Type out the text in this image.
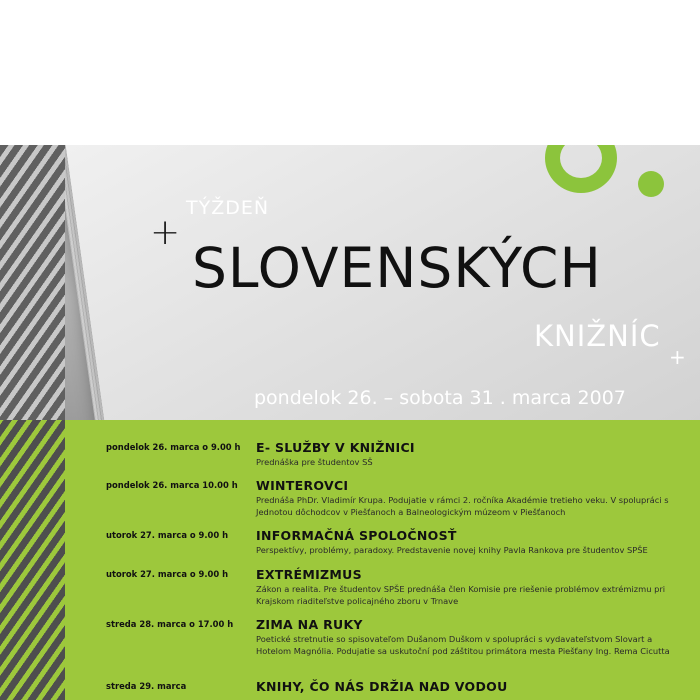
+
+
TÝŽDEŇ
SLOVENSKÝCH
KNIŽNÍC
pondelok 26. – sobota 31 . marca 2007
pondelok 26. marca o 9.00 h	E- SLUŽBY V KNIŽNICI
Prednáška pre študentov SŠ
pondelok 26. marca 10.00 h	WINTEROVCI
Prednáša PhDr. Vladimír Krupa. Podujatie v rámci 2. ročníka Akadémie tretieho veku. V spolupráci s Jednotou dôchodcov v Piešťanoch a Balneologickým múzeom v Piešťanoch
utorok 27. marca o 9.00 h	INFORMAČNÁ SPOLOČNOSŤ
Perspektívy, problémy, paradoxy. Predstavenie novej knihy Pavla Rankova pre študentov SPŠE
utorok 27. marca o 9.00 h	EXTRÉMIZMUS
Zákon a realita. Pre študentov SPŠE prednáša člen Komisie pre riešenie problémov extrémizmu pri Krajskom riaditeľstve policajného zboru v Trnave
streda 28. marca o 17.00 h	ZIMA NA RUKY
Poetické stretnutie so spisovateľom Dušanom Duškom v spolupráci s vydavateľstvom Slovart a Hotelom Magnólia. Podujatie sa uskutoční pod záštitou primátora mesta Piešťany Ing. Rema Cicutta
streda 29. marca	KNIHY, ČO NÁS DRŽIA NAD VODOU
